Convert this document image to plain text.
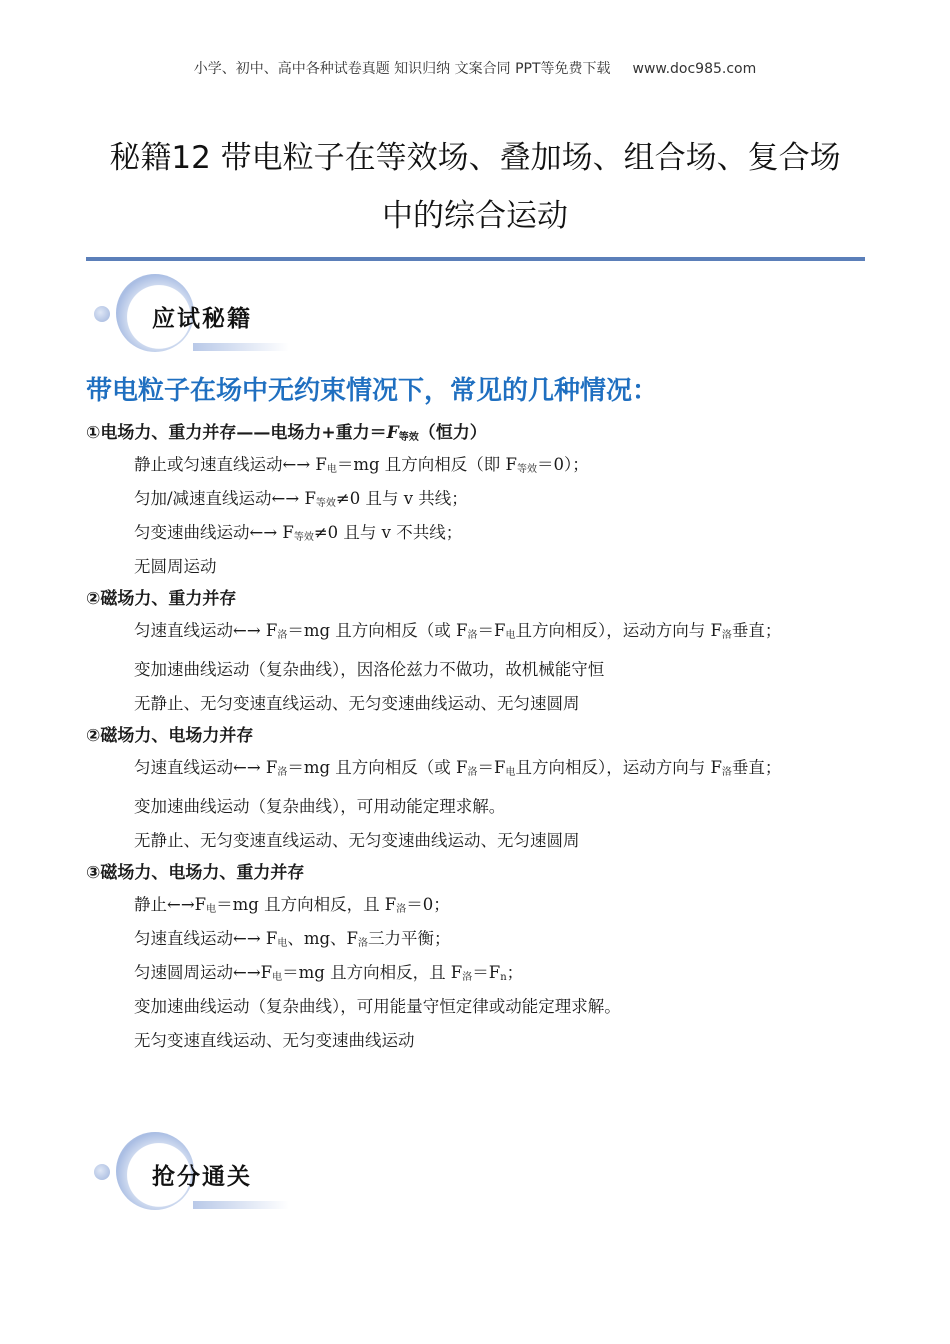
小学、初中、高中各种试卷真题 知识归纳 文案合同 PPT等免费下载 www.doc985.com
秘籍12 带电粒子在等效场、叠加场、组合场、复合场
中的综合运动
应试秘籍
带电粒子在场中无约束情况下，常见的几种情况：
①电场力、重力并存——电场力+重力$=F_{等效}$（恒力）
静止或匀速直线运动←→ $F_电=mg$ 且方向相反（即 $F_{等效}=0$）；
匀加/减速直线运动←→ $F_{等效}\ne 0$ 且与 v 共线；
匀变速曲线运动←→ $F_{等效}\ne 0$ 且与 v 不共线；
无圆周运动
②磁场力、重力并存
匀速直线运动←→ $F_洛=mg$ 且方向相反（或 $F_洛=F_电$且方向相反），运动方向与 $F_洛$垂直；
变加速曲线运动（复杂曲线），因洛伦兹力不做功，故机械能守恒
无静止、无匀变速直线运动、无匀变速曲线运动、无匀速圆周
②磁场力、电场力并存
匀速直线运动←→ $F_洛=mg$ 且方向相反（或 $F_洛=F_电$且方向相反），运动方向与 $F_洛$垂直；
变加速曲线运动（复杂曲线），可用动能定理求解。
无静止、无匀变速直线运动、无匀变速曲线运动、无匀速圆周
③磁场力、电场力、重力并存
静止$\leftarrow\to F_电=mg$ 且方向相反，且 $F_洛=0$；
匀速直线运动←→ $F_电$、mg、$F_洛$三力平衡；
匀速圆周运动$\leftarrow\to F_电=mg$ 且方向相反，且 $F_洛=F_n$；
变加速曲线运动（复杂曲线），可用能量守恒定律或动能定理求解。
无匀变速直线运动、无匀变速曲线运动
抢分通关
